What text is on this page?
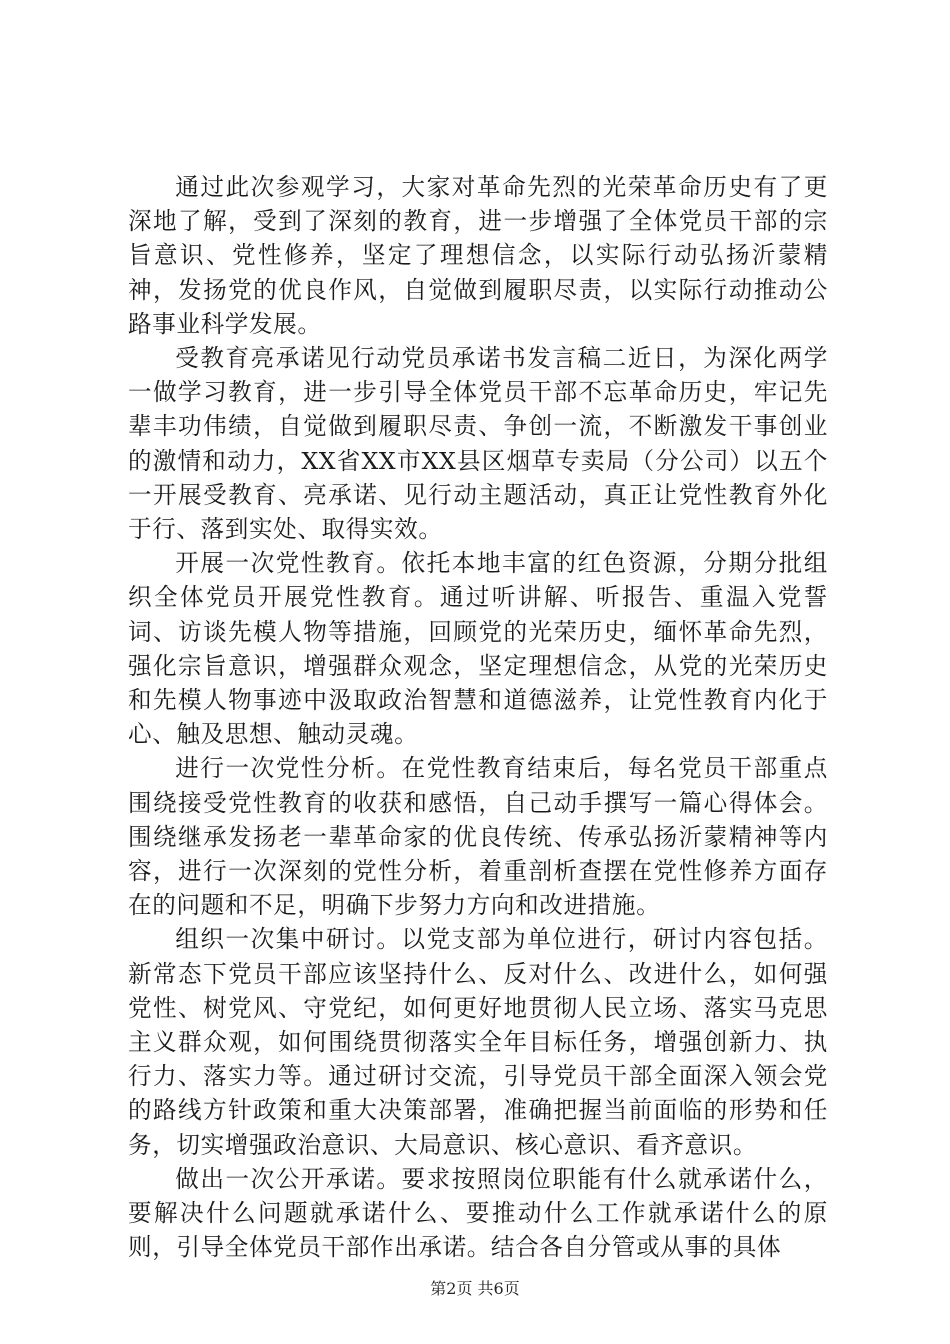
通过此次参观学习，大家对革命先烈的光荣革命历史有了更深地了解，受到了深刻的教育，进一步增强了全体党员干部的宗旨意识、党性修养，坚定了理想信念，以实际行动弘扬沂蒙精神，发扬党的优良作风，自觉做到履职尽责，以实际行动推动公路事业科学发展。

受教育亮承诺见行动党员承诺书发言稿二近日，为深化两学一做学习教育，进一步引导全体党员干部不忘革命历史，牢记先辈丰功伟绩，自觉做到履职尽责、争创一流，不断激发干事创业的激情和动力，XX省XX市XX县区烟草专卖局（分公司）以五个一开展受教育、亮承诺、见行动主题活动，真正让党性教育外化于行、落到实处、取得实效。

开展一次党性教育。依托本地丰富的红色资源，分期分批组织全体党员开展党性教育。通过听讲解、听报告、重温入党誓词、访谈先模人物等措施，回顾党的光荣历史，缅怀革命先烈，强化宗旨意识，增强群众观念，坚定理想信念，从党的光荣历史和先模人物事迹中汲取政治智慧和道德滋养，让党性教育内化于心、触及思想、触动灵魂。

进行一次党性分析。在党性教育结束后，每名党员干部重点围绕接受党性教育的收获和感悟，自己动手撰写一篇心得体会。围绕继承发扬老一辈革命家的优良传统、传承弘扬沂蒙精神等内容，进行一次深刻的党性分析，着重剖析查摆在党性修养方面存在的问题和不足，明确下步努力方向和改进措施。

组织一次集中研讨。以党支部为单位进行，研讨内容包括。新常态下党员干部应该坚持什么、反对什么、改进什么，如何强党性、树党风、守党纪，如何更好地贯彻人民立场、落实马克思主义群众观，如何围绕贯彻落实全年目标任务，增强创新力、执行力、落实力等。通过研讨交流，引导党员干部全面深入领会党的路线方针政策和重大决策部署，准确把握当前面临的形势和任务，切实增强政治意识、大局意识、核心意识、看齐意识。

做出一次公开承诺。要求按照岗位职能有什么就承诺什么，要解决什么问题就承诺什么、要推动什么工作就承诺什么的原则，引导全体党员干部作出承诺。结合各自分管或从事的具体

第2页 共6页
